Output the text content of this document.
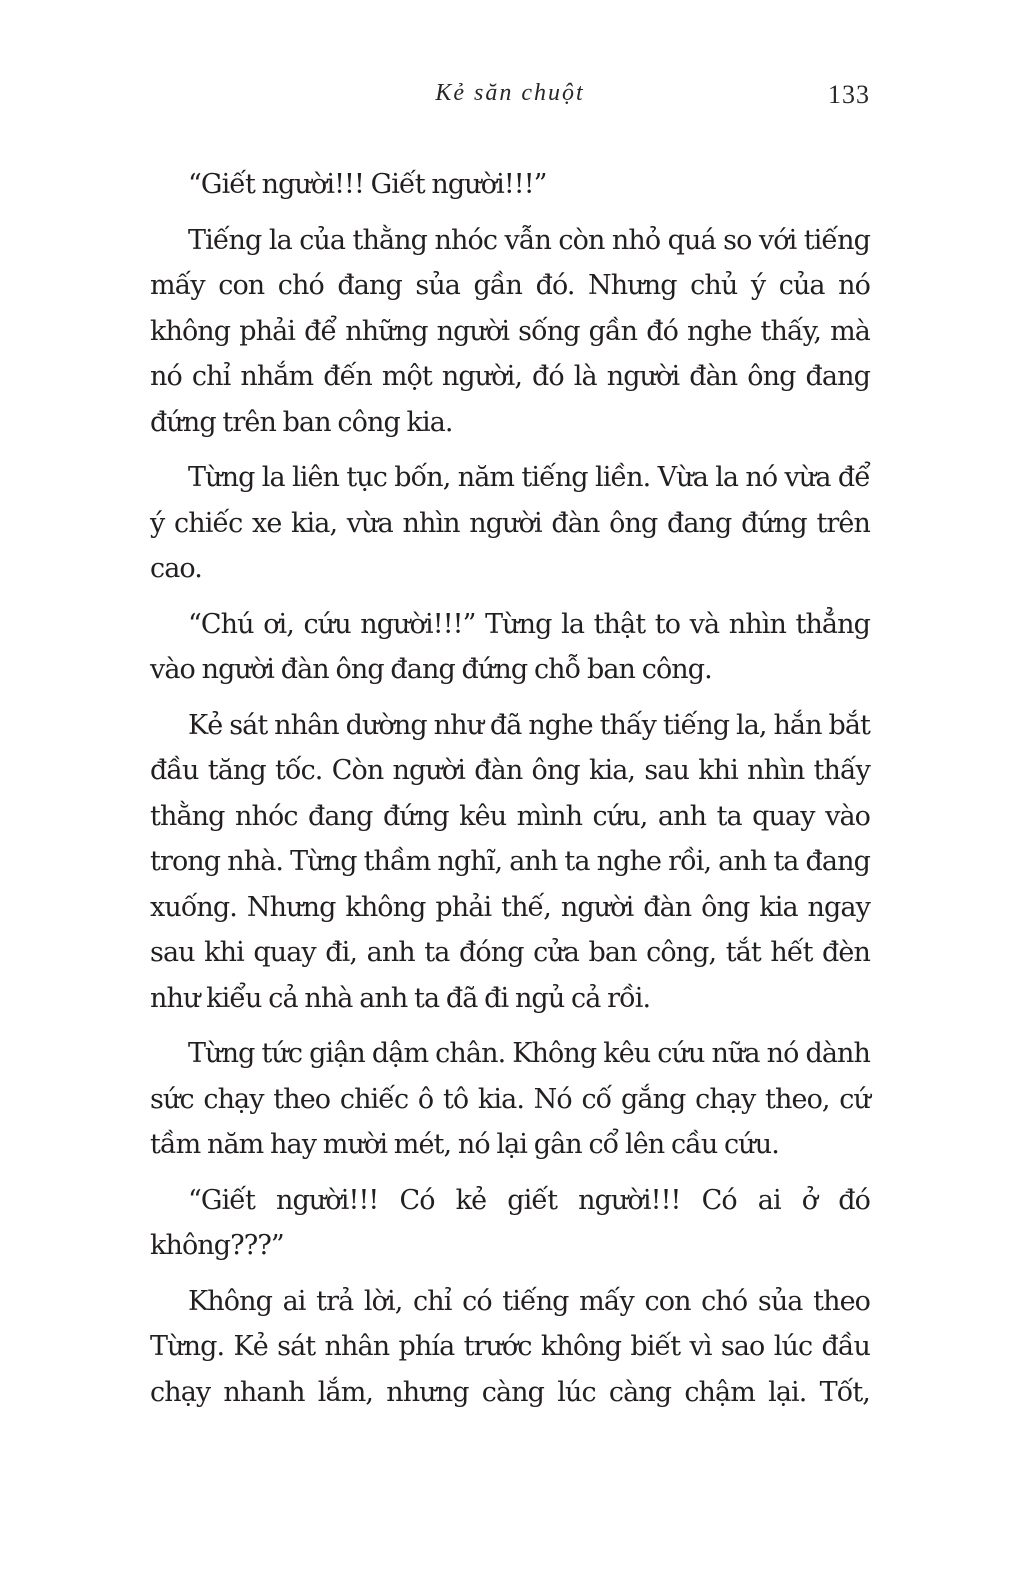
Kẻ săn chuột	133

“Giết người!!! Giết người!!!”

Tiếng la của thằng nhóc vẫn còn nhỏ quá so với tiếng mấy con chó đang sủa gần đó. Nhưng chủ ý của nó không phải để những người sống gần đó nghe thấy, mà nó chỉ nhắm đến một người, đó là người đàn ông đang đứng trên ban công kia.

Từng la liên tục bốn, năm tiếng liền. Vừa la nó vừa để ý chiếc xe kia, vừa nhìn người đàn ông đang đứng trên cao.

“Chú ơi, cứu người!!!” Từng la thật to và nhìn thẳng vào người đàn ông đang đứng chỗ ban công.

Kẻ sát nhân dường như đã nghe thấy tiếng la, hắn bắt đầu tăng tốc. Còn người đàn ông kia, sau khi nhìn thấy thằng nhóc đang đứng kêu mình cứu, anh ta quay vào trong nhà. Từng thầm nghĩ, anh ta nghe rồi, anh ta đang xuống. Nhưng không phải thế, người đàn ông kia ngay sau khi quay đi, anh ta đóng cửa ban công, tắt hết đèn như kiểu cả nhà anh ta đã đi ngủ cả rồi.

Từng tức giận dậm chân. Không kêu cứu nữa nó dành sức chạy theo chiếc ô tô kia. Nó cố gắng chạy theo, cứ tầm năm hay mười mét, nó lại gân cổ lên cầu cứu.

“Giết người!!! Có kẻ giết người!!! Có ai ở đó không???”

Không ai trả lời, chỉ có tiếng mấy con chó sủa theo Từng. Kẻ sát nhân phía trước không biết vì sao lúc đầu chạy nhanh lắm, nhưng càng lúc càng chậm lại. Tốt,
